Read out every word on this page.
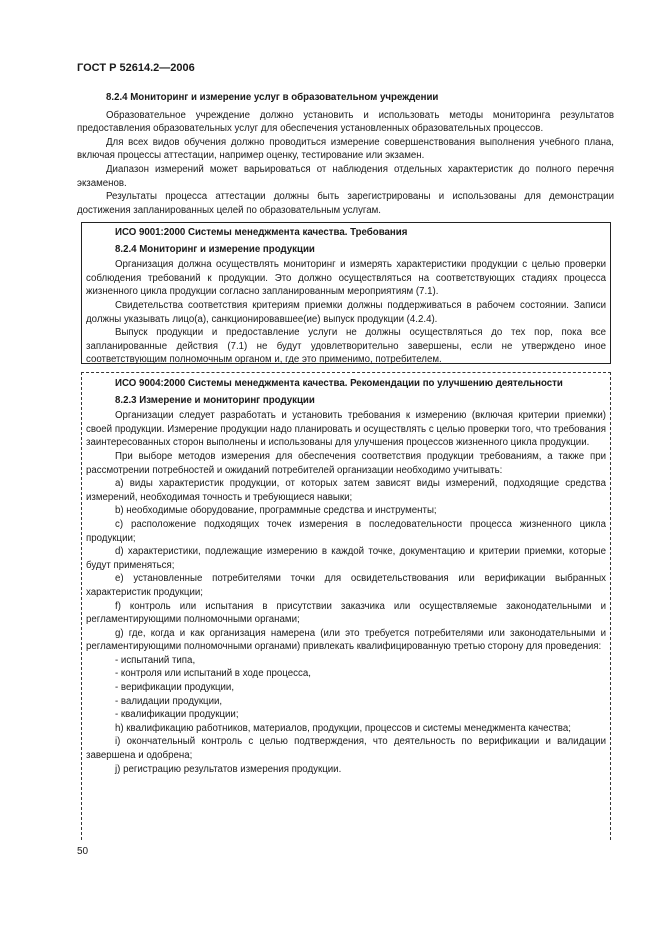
ГОСТ Р 52614.2—2006
8.2.4 Мониторинг и измерение услуг в образовательном учреждении

Образовательное учреждение должно установить и использовать методы мониторинга результатов предоставления образовательных услуг для обеспечения установленных образовательных процессов.

Для всех видов обучения должно проводиться измерение совершенствования выполнения учебного плана, включая процессы аттестации, например оценку, тестирование или экзамен.

Диапазон измерений может варьироваться от наблюдения отдельных характеристик до полного перечня экзаменов.

Результаты процесса аттестации должны быть зарегистрированы и использованы для демонстрации достижения запланированных целей по образовательным услугам.

ИСО 9001:2000 Системы менеджмента качества. Требования
8.2.4 Мониторинг и измерение продукции

Организация должна осуществлять мониторинг и измерять характеристики продукции с целью проверки соблюдения требований к продукции. Это должно осуществляться на соответствующих стадиях процесса жизненного цикла продукции согласно запланированным мероприятиям (7.1).

Свидетельства соответствия критериям приемки должны поддерживаться в рабочем состоянии. Записи должны указывать лицо(а), санкционировавшее(ие) выпуск продукции (4.2.4).

Выпуск продукции и предоставление услуги не должны осуществляться до тех пор, пока все запланированные действия (7.1) не будут удовлетворительно завершены, если не утверждено иное соответствующим полномочным органом и, где это применимо, потребителем.

ИСО 9004:2000 Системы менеджмента качества. Рекомендации по улучшению деятельности
8.2.3 Измерение и мониторинг продукции

Организации следует разработать и установить требования к измерению (включая критерии приемки) своей продукции. Измерение продукции надо планировать и осуществлять с целью проверки того, что требования заинтересованных сторон выполнены и использованы для улучшения процессов жизненного цикла продукции.

При выборе методов измерения для обеспечения соответствия продукции требованиям, а также при рассмотрении потребностей и ожиданий потребителей организации необходимо учитывать:

a) виды характеристик продукции, от которых затем зависят виды измерений, подходящие средства измерений, необходимая точность и требующиеся навыки;

b) необходимые оборудование, программные средства и инструменты;

c) расположение подходящих точек измерения в последовательности процесса жизненного цикла продукции;

d) характеристики, подлежащие измерению в каждой точке, документацию и критерии приемки, которые будут применяться;

e) установленные потребителями точки для освидетельствования или верификации выбранных характеристик продукции;

f) контроль или испытания в присутствии заказчика или осуществляемые законодательными и регламентирующими полномочными органами;

g) где, когда и как организация намерена (или это требуется потребителями или законодательными и регламентирующими полномочными органами) привлекать квалифицированную третью сторону для проведения:

- испытаний типа,
- контроля или испытаний в ходе процесса,
- верификации продукции,
- валидации продукции,
- квалификации продукции;

h) квалификацию работников, материалов, продукции, процессов и системы менеджмента качества;

i) окончательный контроль с целью подтверждения, что деятельность по верификации и валидации завершена и одобрена;

j) регистрацию результатов измерения продукции.

50
